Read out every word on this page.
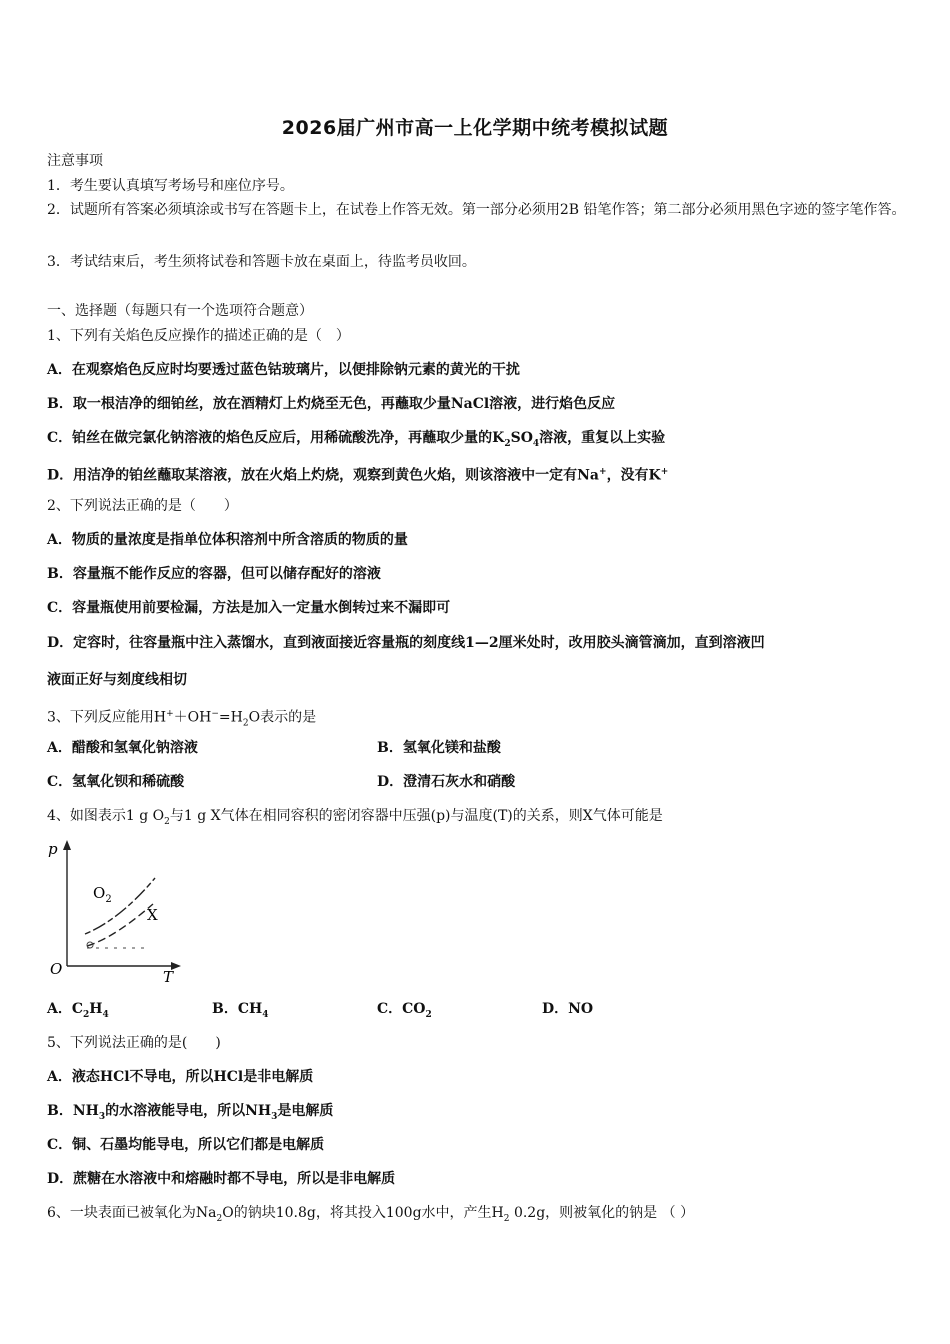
2026届广州市高一上化学期中统考模拟试题
注意事项
1．考生要认真填写考场号和座位序号。
2．试题所有答案必须填涂或书写在答题卡上，在试卷上作答无效。第一部分必须用2B 铅笔作答；第二部分必须用黑色字迹的签字笔作答。
3．考试结束后，考生须将试卷和答题卡放在桌面上，待监考员收回。
一、选择题（每题只有一个选项符合题意）
1、下列有关焰色反应操作的描述正确的是（　）
A．在观察焰色反应时均要透过蓝色钴玻璃片，以便排除钠元素的黄光的干扰
B．取一根洁净的细铂丝，放在酒精灯上灼烧至无色，再蘸取少量NaCl溶液，进行焰色反应
C．铂丝在做完氯化钠溶液的焰色反应后，用稀硫酸洗净，再蘸取少量的$K_2SO_4$溶液，重复以上实验
D．用洁净的铂丝蘸取某溶液，放在火焰上灼烧，观察到黄色火焰，则该溶液中一定有Na+，没有K+
2、下列说法正确的是（　　）
A．物质的量浓度是指单位体积溶剂中所含溶质的物质的量
B．容量瓶不能作反应的容器，但可以储存配好的溶液
C．容量瓶使用前要检漏，方法是加入一定量水倒转过来不漏即可
D．定容时，往容量瓶中注入蒸馏水，直到液面接近容量瓶的刻度线1—2厘米处时，改用胶头滴管滴加，直到溶液凹
液面正好与刻度线相切
3、下列反应能用$H^++OH^-=H_2O$表示的是
A．醋酸和氢氧化钠溶液	B．氢氧化镁和盐酸
C．氢氧化钡和稀硫酸	D．澄清石灰水和硝酸
4、如图表示1 g $O_2$与1 g X气体在相同容积的密闭容器中压强(p)与温度(T)的关系，则X气体可能是
p
$O_2$
X
O	T
A．$C_2H_4$	B．$CH_4$	C．$CO_2$	D．NO
5、下列说法正确的是(　　)
A．液态HCl不导电，所以HCl是非电解质
B．$NH_3$的水溶液能导电，所以$NH_3$是电解质
C．铜、石墨均能导电，所以它们都是电解质
D．蔗糖在水溶液中和熔融时都不导电，所以是非电解质
6、一块表面已被氧化为$Na_2O$的钠块10.8g，将其投入100g水中，产生$H_2$ 0.2g，则被氧化的钠是 （ ）
